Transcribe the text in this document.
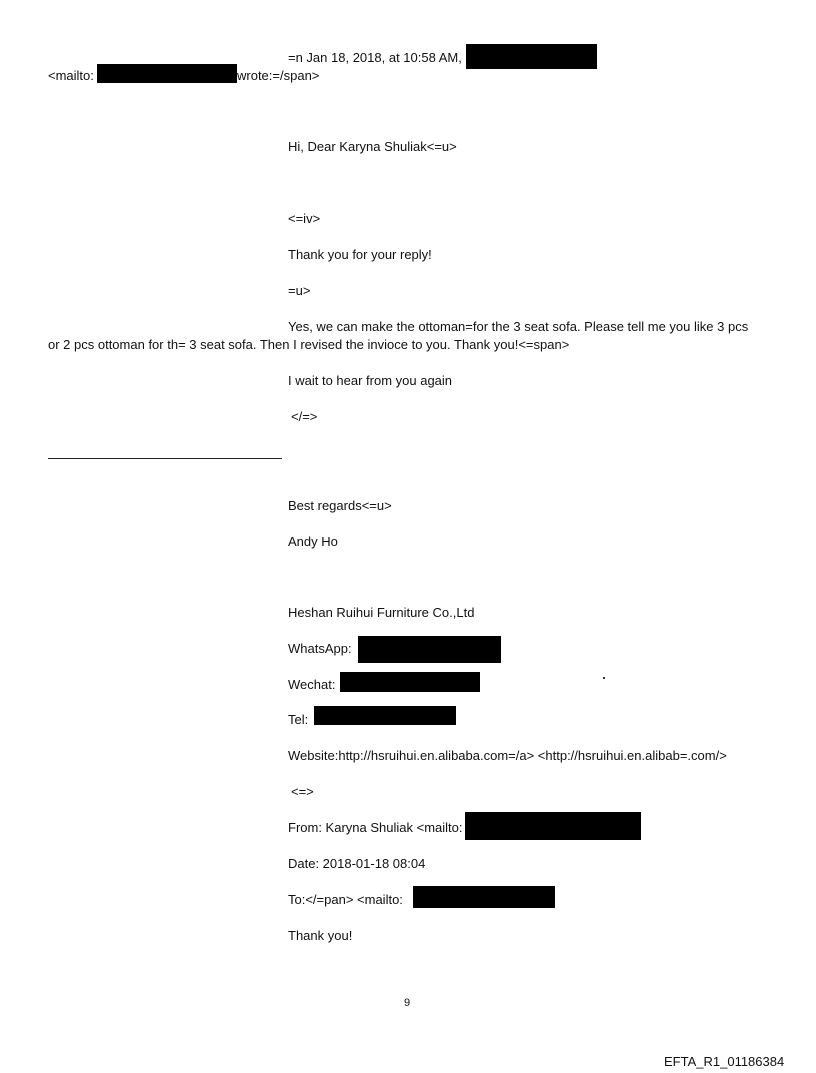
=n Jan 18, 2018, at 10:58 AM,
<mailto:	wrote:=/span>
Hi, Dear Karyna Shuliak<=u>
<=iv>
Thank you for your reply!
=u>
Yes, we can make the ottoman=for the 3 seat sofa. Please tell me you like 3 pcs
or 2 pcs ottoman for th= 3 seat sofa. Then I revised the invioce to you. Thank you!<=span>
I wait to hear from you again
</=>
Best regards<=u>
Andy Ho
Heshan Ruihui Furniture Co.,Ltd
WhatsApp:
Wechat:
Tel:
Website:http://hsruihui.en.alibaba.com=/a> <http://hsruihui.en.alibab=.com/>
<=>
From: Karyna Shuliak <mailto:
Date: 2018-01-18 08:04
To:</=pan> <mailto:
Thank you!
9
EFTA_R1_01186384
